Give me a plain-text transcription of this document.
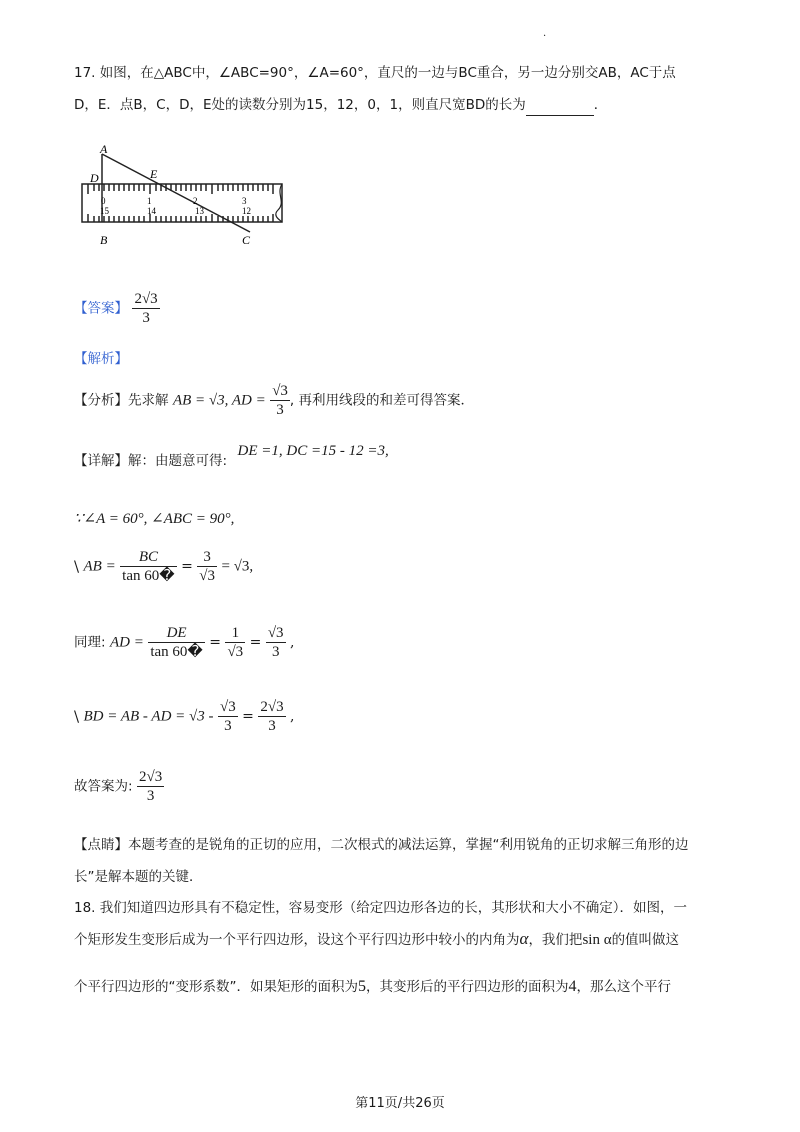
.
17. 如图，在△ABC中，∠ABC=90°，∠A=60°，直尺的一边与BC重合，另一边分别交AB，AC于点
D，E．点B，C，D，E处的读数分别为15，12，0，1，则直尺宽BD的长为	．
A
D	E
B	C
0	1	2	3
15	14	13	12
【答案】 $\frac{2√3}{3}$
【解析】
【分析】先求解 AB = √3, AD = $\frac{√3}{3}$ , 再利用线段的和差可得答案．
【详解】解：由题意可得: DE =1, DC =15 - 12 =3,
∵∠A = 60°, ∠ABC = 90°,
\ AB = $\frac{BC}{\tan 60�} = \frac{3}{√3} = √3$,
同理: AD = $\frac{DE}{\tan 60�} = \frac{1}{√3} = \frac{√3}{3}$ ,
\ BD = AB - AD = $√3 - \frac{√3}{3} = \frac{2√3}{3}$ ,
故答案为: $\frac{2√3}{3}$
【点睛】本题考查的是锐角的正切的应用，二次根式的减法运算，掌握“利用锐角的正切求解三角形的边
长”是解本题的关键．
18. 我们知道四边形具有不稳定性，容易变形（给定四边形各边的长，其形状和大小不确定）．如图，一
个矩形发生变形后成为一个平行四边形，设这个平行四边形中较小的内角为α，我们把sin α的值叫做这
个平行四边形的“变形系数”．如果矩形的面积为5，其变形后的平行四边形的面积为4，那么这个平行
第11页/共26页
